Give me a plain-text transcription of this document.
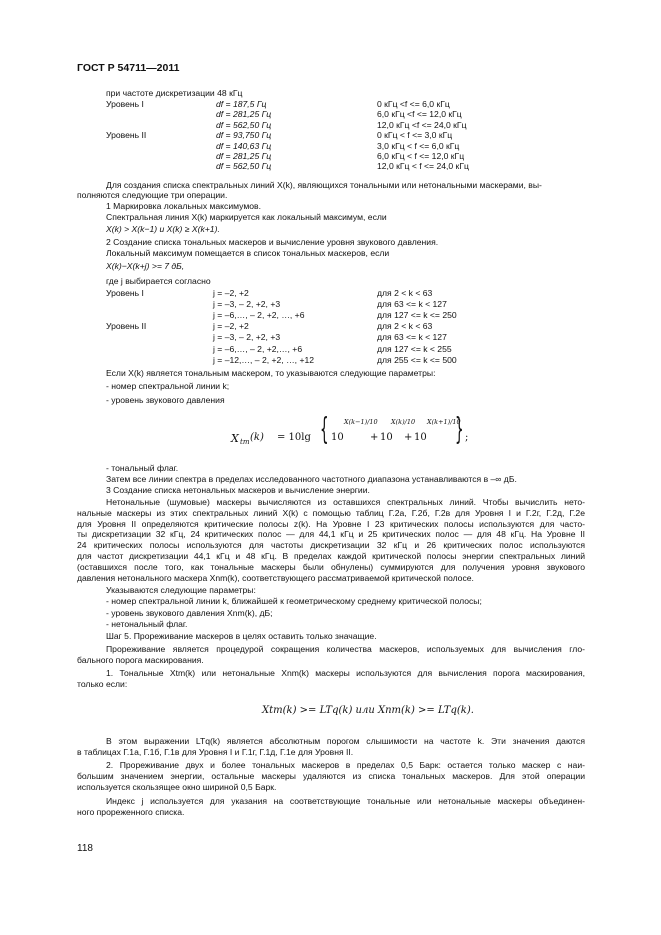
ГОСТ Р 54711—2011
при частоте дискретизации 48 кГц
Уровень I	df = 187,5 Гц	0 кГц <f <= 6,0 кГц
df = 281,25 Гц	6,0 кГц <f <= 12,0 кГц
df = 562,50 Гц	12,0 кГц <f <= 24,0 кГц
Уровень II	df = 93,750 Гц	0 кГц < f <= 3,0 кГц
df = 140,63 Гц	3,0 кГц < f <= 6,0 кГц
df = 281,25 Гц	6,0 кГц < f <= 12,0 кГц
df = 562,50 Гц	12,0 кГц < f <= 24,0 кГц
Для создания списка спектральных линий X(k), являющихся тональными или нетональными маскерами, вы-
полняются следующие три операции.
1 Маркировка локальных максимумов.
Спектральная линия X(k) маркируется как локальный максимум, если
X(k) > X(k−1) и X(k) ≥ X(k+1).
2 Создание списка тональных маскеров и вычисление уровня звукового давления.
Локальный максимум помещается в список тональных маскеров, если
X(k)−X(k+j) >= 7 дБ,
где j выбирается согласно
Уровень I	j = –2, +2	для 2 < k < 63
j = –3, – 2, +2, +3	для 63 <= k < 127
j = –6,…, – 2, +2, …, +6	для 127 <= k <= 250
Уровень II	j = –2, +2	для 2 < k < 63
j = –3, – 2, +2, +3	для 63 <= k < 127
j = –6,…, – 2, +2,…, +6	для 127 <= k < 255
j = –12,…, – 2, +2, …, +12	для 255 <= k <= 500
Если X(k) является тональным маскером, то указываются следующие параметры:
- номер спектральной линии k;
- уровень звукового давления
X tm (k) = 10lg { 10
X(k−1)/10
+ 10
X(k)/10
+ 10
X(k+1)/10
} ;
- тональный флаг.
Затем все линии спектра в пределах исследованного частотного диапазона устанавливаются в –∞ дБ.
3 Создание списка нетональных маскеров и вычисление энергии.
Нетональные (шумовые) маскеры вычисляются из оставшихся спектральных линий. Чтобы вычислить нето-
нальные маскеры из этих спектральных линий X(k) с помощью таблиц Г.2а, Г.2б, Г.2в для Уровня I и Г.2г, Г.2д, Г.2е
для Уровня II определяются критические полосы z(k). На Уровне I 23 критических полосы используются для часто-
ты дискретизации 32 кГц, 24 критических полос — для 44,1 кГц и 25 критических полос — для 48 кГц. На Уровне II
24 критических полосы используются для частоты дискретизации 32 кГц и 26 критических полос используются
для частот дискретизации 44,1 кГц и 48 кГц. В пределах каждой критической полосы энергии спектральных линий
(оставшихся после того, как тональные маскеры были обнулены) суммируются для получения уровня звукового
давления нетонального маскера Xnm(k), соответствующего рассматриваемой критической полосе.
Указываются следующие параметры:
- номер спектральной линии k, ближайшей к геометрическому среднему критической полосы;
- уровень звукового давления Xnm(k), дБ;
- нетональный флаг.
Шаг 5. Прореживание маскеров в целях оставить только значащие.
Прореживание является процедурой сокращения количества маскеров, используемых для вычисления гло-
бального порога маскирования.
1. Тональные Xtm(k) или нетональные Xnm(k) маскеры используются для вычисления порога маскирования,
только если:
Xtm(k) >= LTq(k) или Xnm(k) >= LTq(k).
В этом выражении LTq(k) является абсолютным порогом слышимости на частоте k. Эти значения даются
в таблицах Г.1а, Г.1б, Г.1в для Уровня I и Г.1г, Г.1д, Г.1е для Уровня II.
2. Прореживание двух и более тональных маскеров в пределах 0,5 Барк: остается только маскер с наи-
большим значением энергии, остальные маскеры удаляются из списка тональных маскеров. Для этой операции
используется скользящее окно шириной 0,5 Барк.
Индекс j используется для указания на соответствующие тональные или нетональные маскеры объединен-
ного прореженного списка.
118
